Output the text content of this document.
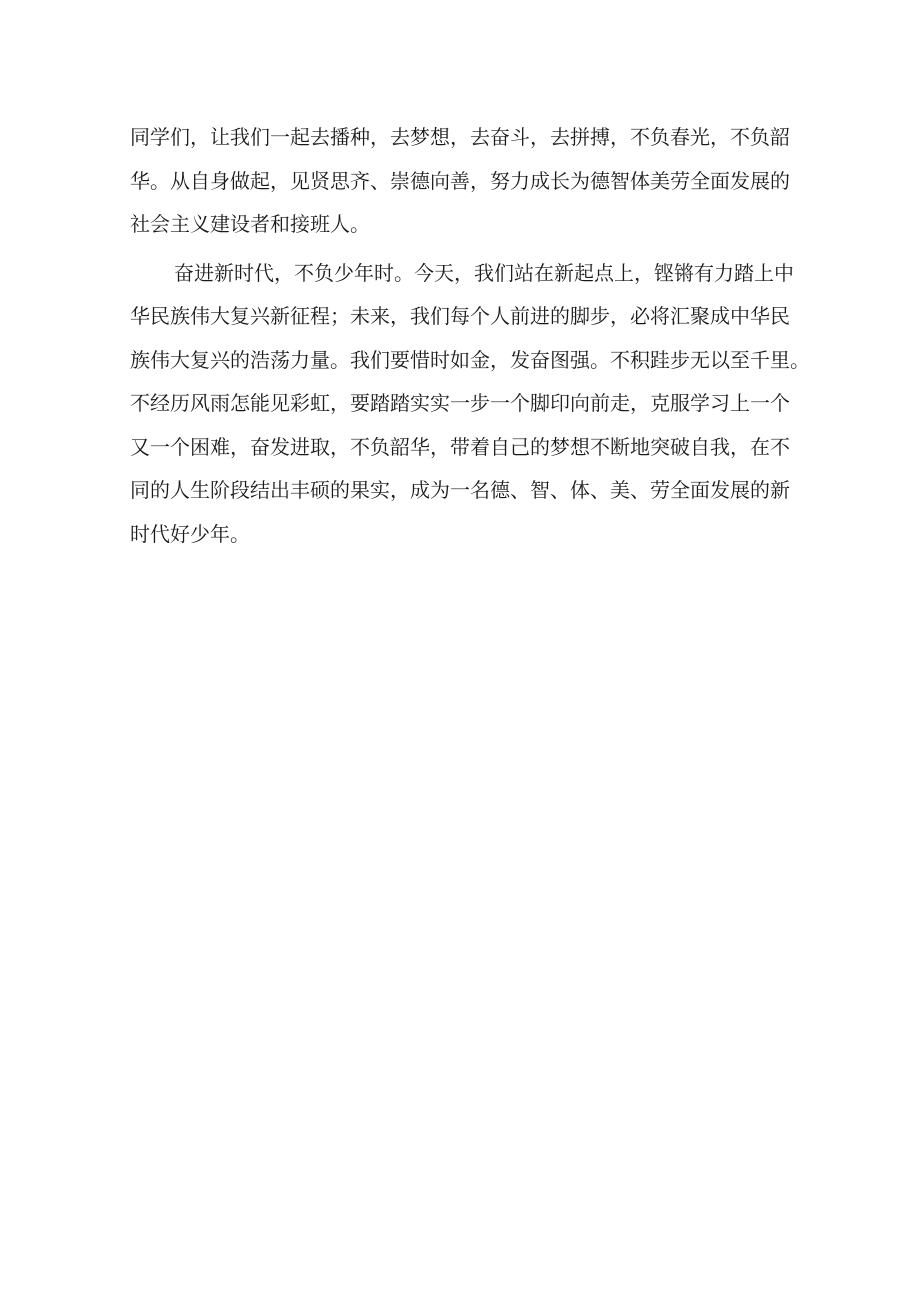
同学们，让我们一起去播种，去梦想，去奋斗，去拼搏，不负春光，不负韶
华。从自身做起，见贤思齐、崇德向善，努力成长为德智体美劳全面发展的
社会主义建设者和接班人。
奋进新时代，不负少年时。今天，我们站在新起点上，铿锵有力踏上中
华民族伟大复兴新征程；未来，我们每个人前进的脚步，必将汇聚成中华民
族伟大复兴的浩荡力量。我们要惜时如金，发奋图强。不积跬步无以至千里。
不经历风雨怎能见彩虹，要踏踏实实一步一个脚印向前走，克服学习上一个
又一个困难，奋发进取，不负韶华，带着自己的梦想不断地突破自我，在不
同的人生阶段结出丰硕的果实，成为一名德、智、体、美、劳全面发展的新
时代好少年。
